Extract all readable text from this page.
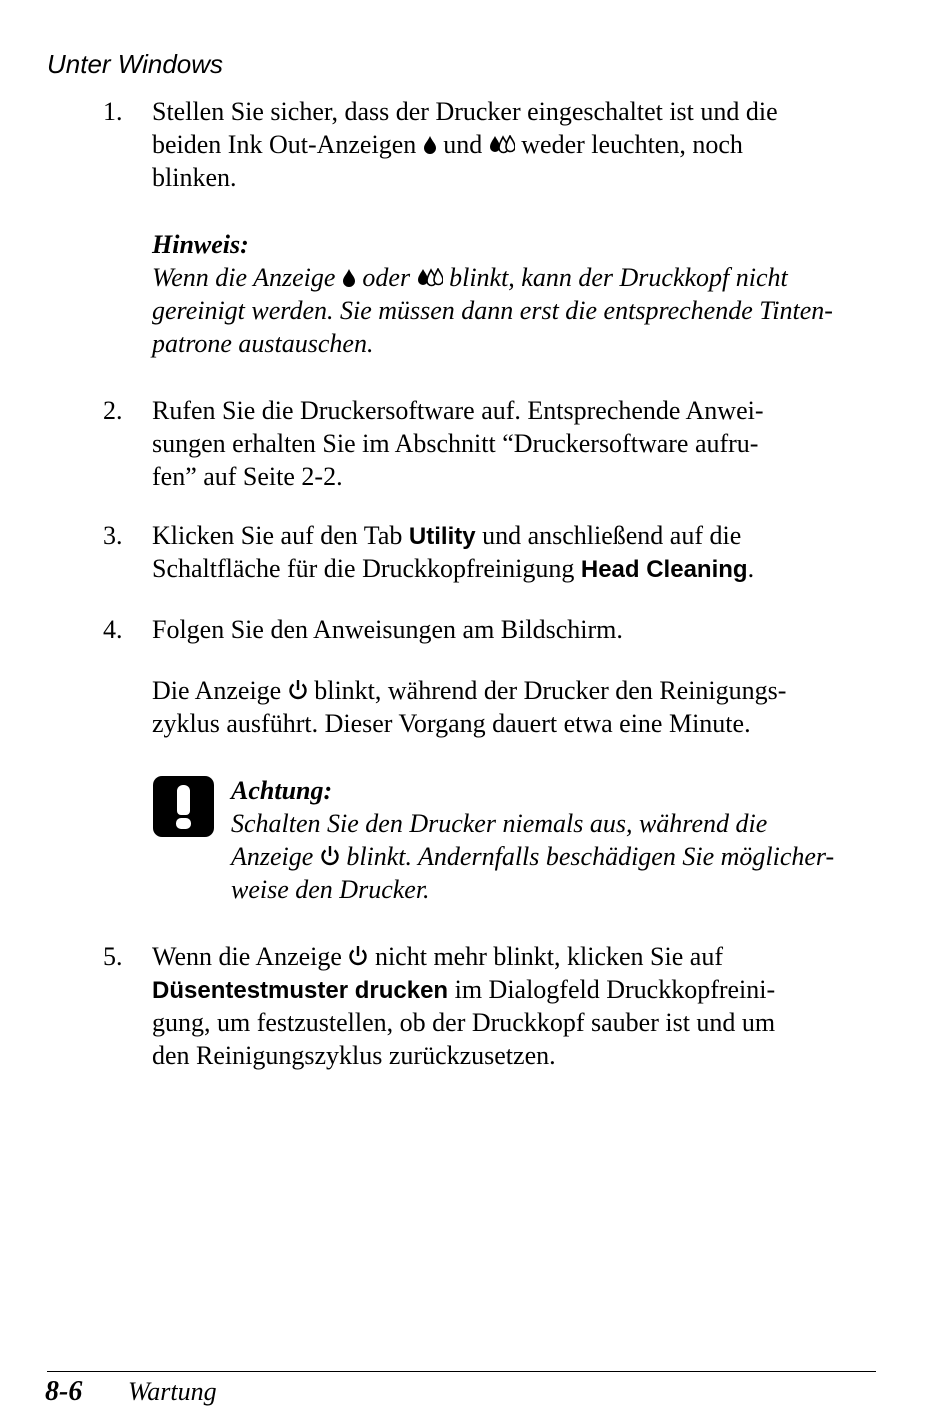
Unter Windows
1. Stellen Sie sicher, dass der Drucker eingeschaltet ist und die
beiden Ink Out-Anzeigen und weder leuchten, noch
blinken.
Hinweis:
Wenn die Anzeige oder blinkt, kann der Druckkopf nicht
gereinigt werden. Sie müssen dann erst die entsprechende Tinten-
patrone austauschen.
2. Rufen Sie die Druckersoftware auf. Entsprechende Anwei-
sungen erhalten Sie im Abschnitt “Druckersoftware aufru-
fen” auf Seite 2-2.
3. Klicken Sie auf den Tab Utility und anschließend auf die
Schaltfläche für die Druckkopfreinigung Head Cleaning.
4. Folgen Sie den Anweisungen am Bildschirm.
Die Anzeige blinkt, während der Drucker den Reinigungs-
zyklus ausführt. Dieser Vorgang dauert etwa eine Minute.
Achtung:
Schalten Sie den Drucker niemals aus, während die
Anzeige blinkt. Andernfalls beschädigen Sie möglicher-
weise den Drucker.
5. Wenn die Anzeige nicht mehr blinkt, klicken Sie auf
Düsentestmuster drucken im Dialogfeld Druckkopfreini-
gung, um festzustellen, ob der Druckkopf sauber ist und um
den Reinigungszyklus zurückzusetzen.
8-6 Wartung
